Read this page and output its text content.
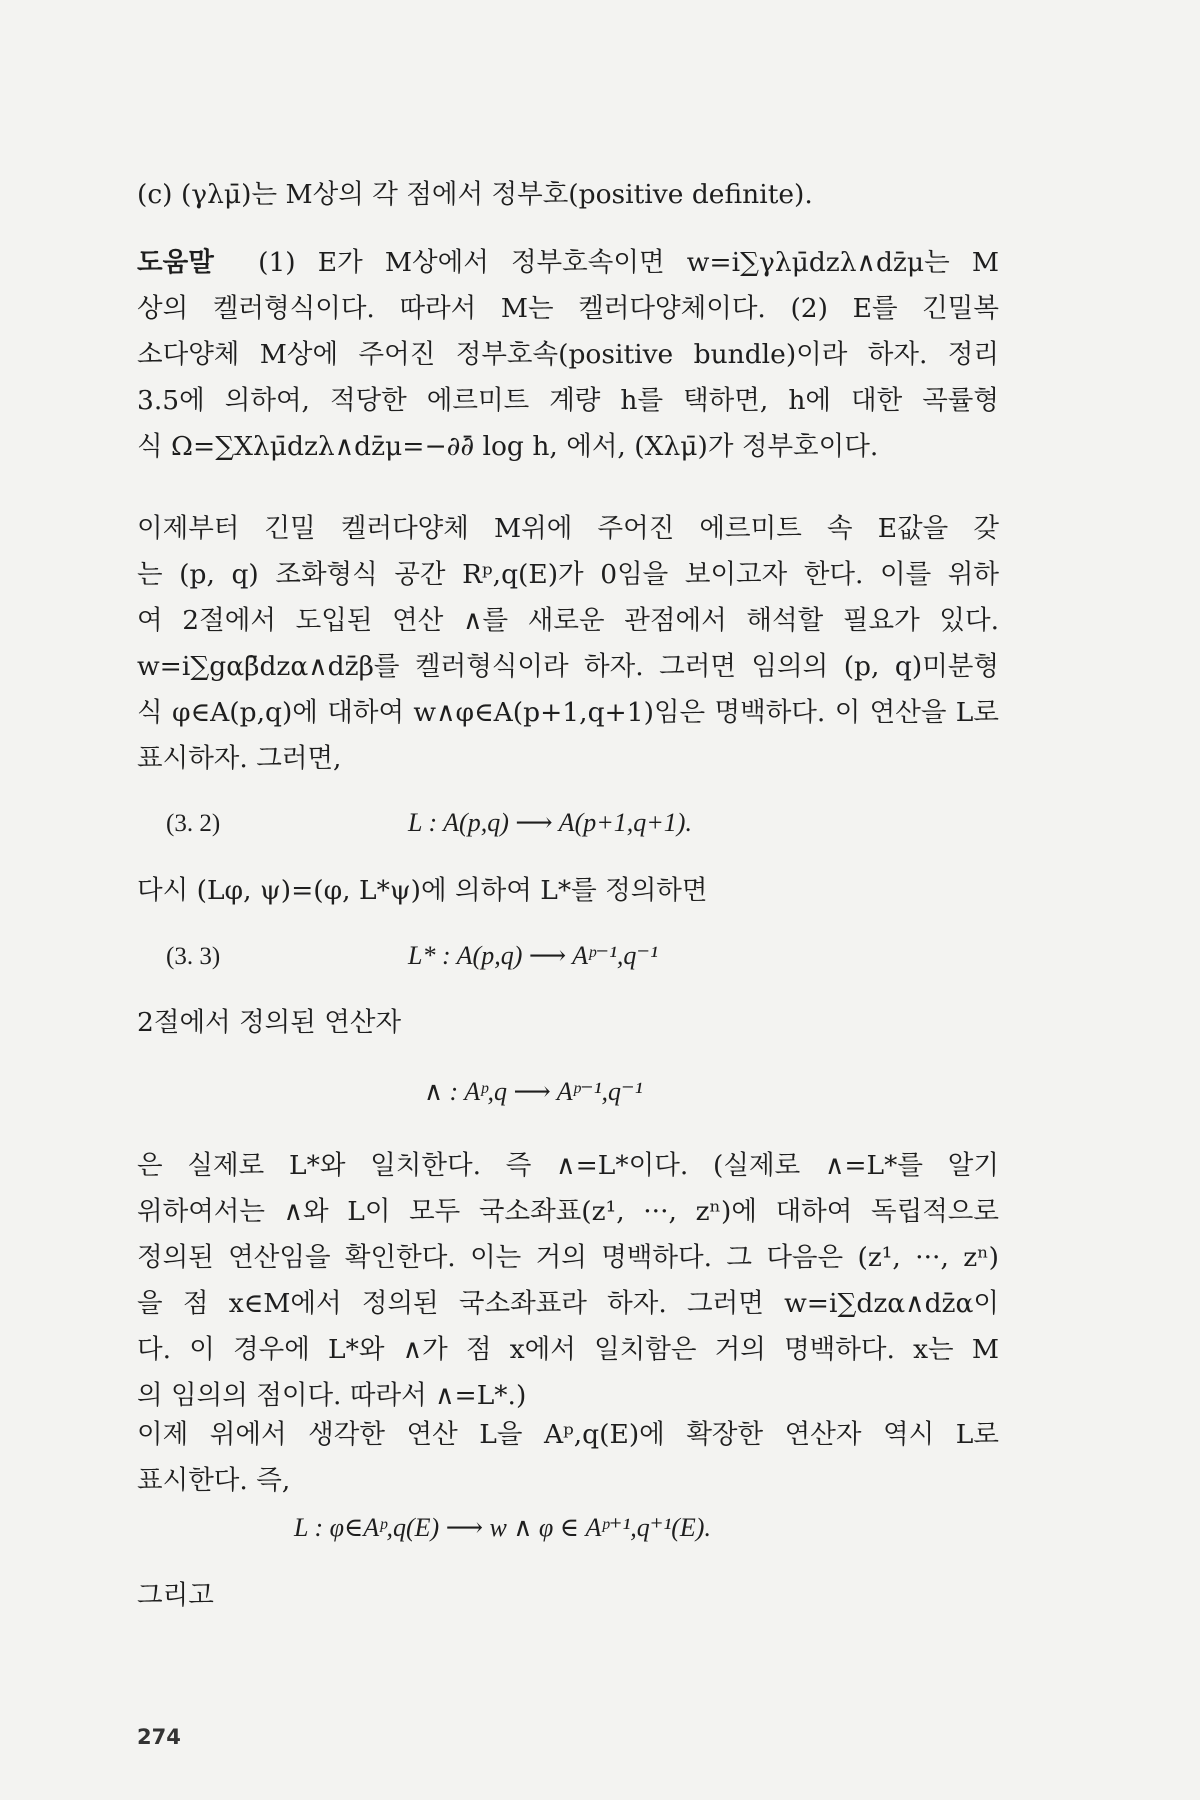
(c) (γλμ̄)는 M상의 각 점에서 정부호(positive definite).
도움말 (1) E가 M상에서 정부호속이면 w=i∑γλμ̄dzλ∧dz̄μ는 M
상의 켈러형식이다. 따라서 M는 켈러다양체이다. (2) E를 긴밀복
소다양체 M상에 주어진 정부호속(positive bundle)이라 하자. 정리
3.5에 의하여, 적당한 에르미트 계량 h를 택하면, h에 대한 곡률형
식 Ω=∑Xλμ̄dzλ∧dz̄μ=−∂∂̄ log h, 에서, (Xλμ̄)가 정부호이다.
이제부터 긴밀 켈러다양체 M위에 주어진 에르미트 속 E값을 갖
는 (p, q) 조화형식 공간 Rᵖ,q(E)가 0임을 보이고자 한다. 이를 위하
여 2절에서 도입된 연산 ∧를 새로운 관점에서 해석할 필요가 있다.
w=i∑gαβ̄dzα∧dz̄β를 켈러형식이라 하자. 그러면 임의의 (p, q)미분형
식 φ∈A(p,q)에 대하여 w∧φ∈A(p+1,q+1)임은 명백하다. 이 연산을 L로
표시하자. 그러면,
(3. 2)	L : A(p,q) ⟶ A(p+1,q+1).
다시 (Lφ, ψ)=(φ, L*ψ)에 의하여 L*를 정의하면
(3. 3)	L* : A(p,q) ⟶ Aᵖ⁻¹,q⁻¹
2절에서 정의된 연산자
∧ : Aᵖ,q ⟶ Aᵖ⁻¹,q⁻¹
은 실제로 L*와 일치한다. 즉 ∧=L*이다. (실제로 ∧=L*를 알기
위하여서는 ∧와 L이 모두 국소좌표(z¹, ···, zⁿ)에 대하여 독립적으로
정의된 연산임을 확인한다. 이는 거의 명백하다. 그 다음은 (z¹, ···, zⁿ)
을 점 x∈M에서 정의된 국소좌표라 하자. 그러면 w=i∑dzα∧dz̄α이
다. 이 경우에 L*와 ∧가 점 x에서 일치함은 거의 명백하다. x는 M
의 임의의 점이다. 따라서 ∧=L*.)
이제 위에서 생각한 연산 L을 Aᵖ,q(E)에 확장한 연산자 역시 L로
표시한다. 즉,
L : φ∈Aᵖ,q(E) ⟶ w ∧ φ ∈ Aᵖ⁺¹,q⁺¹(E).
그리고
274
